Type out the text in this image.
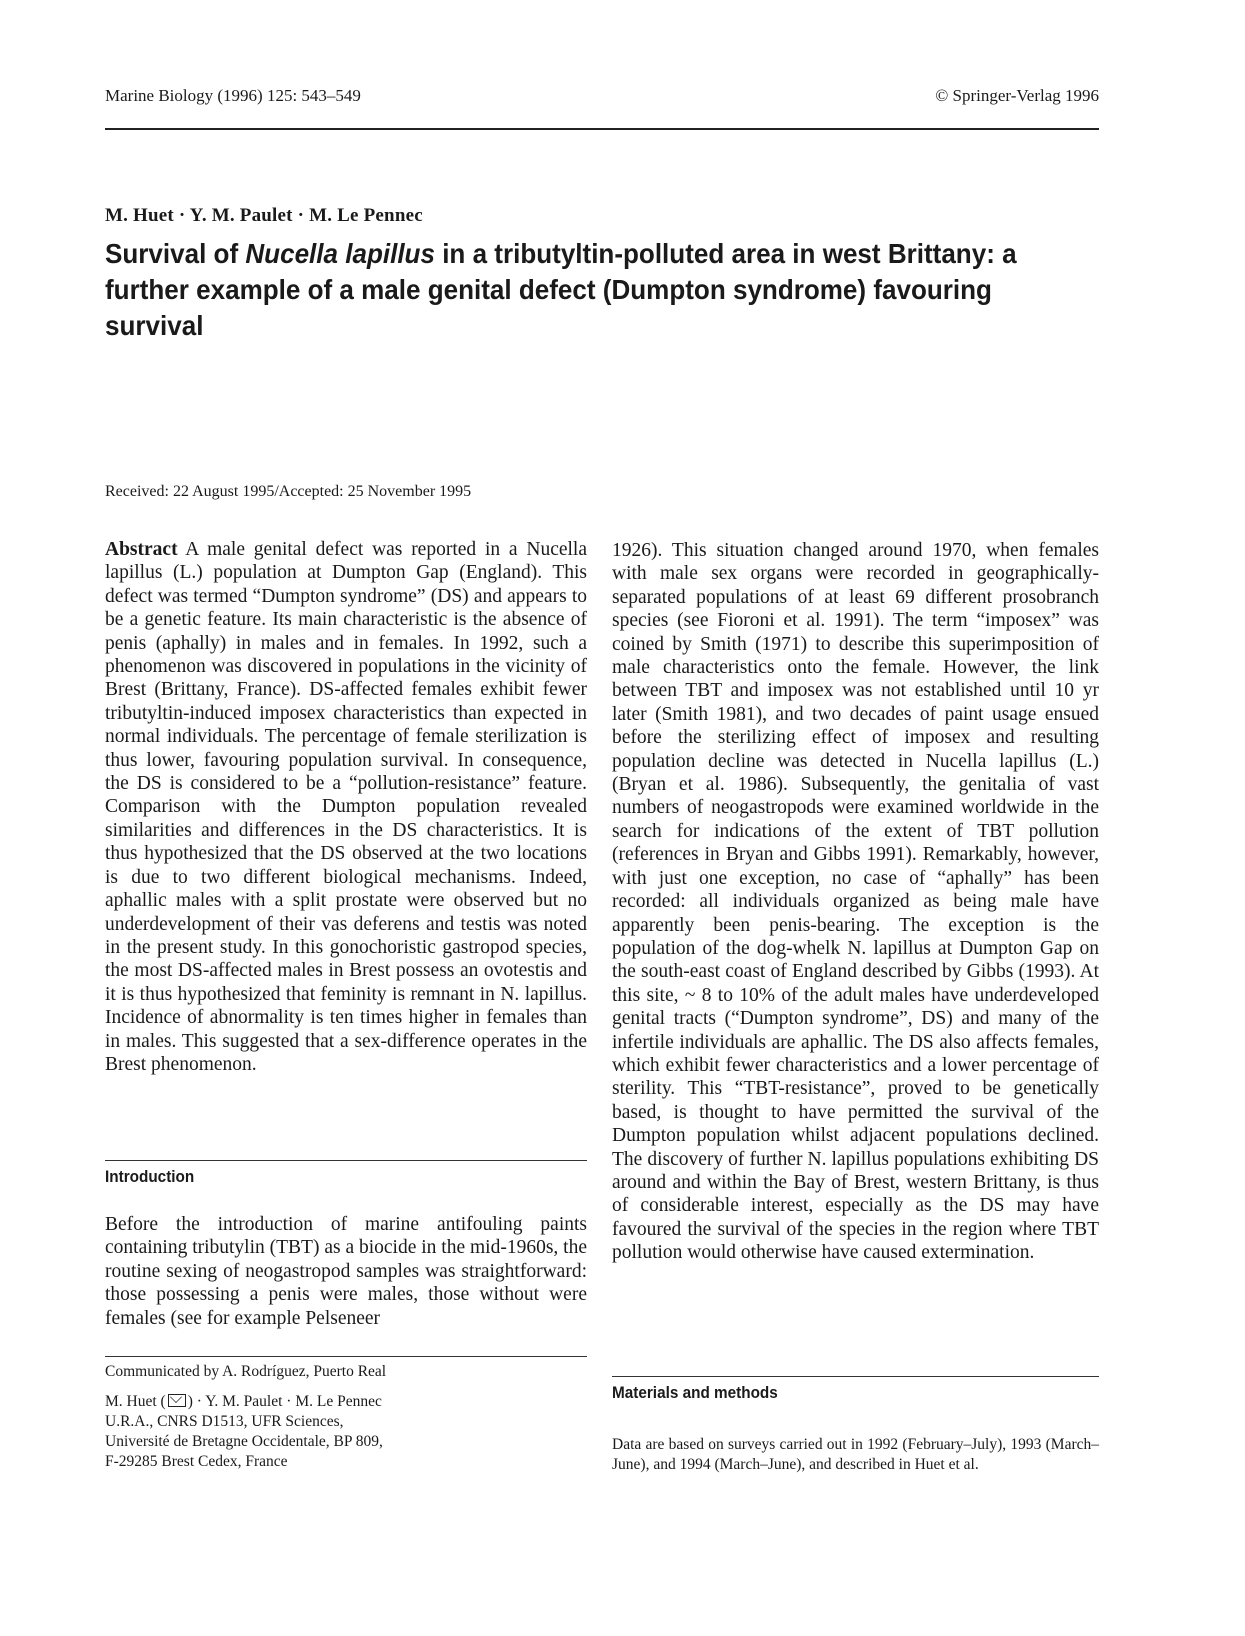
Marine Biology (1996) 125: 543–549	© Springer-Verlag 1996
M. Huet · Y. M. Paulet · M. Le Pennec
Survival of Nucella lapillus in a tributyltin-polluted area in west Brittany: a further example of a male genital defect (Dumpton syndrome) favouring survival
Received: 22 August 1995/Accepted: 25 November 1995

Abstract A male genital defect was reported in a Nucella lapillus (L.) population at Dumpton Gap (England). This defect was termed “Dumpton syndrome” (DS) and appears to be a genetic feature. Its main characteristic is the absence of penis (aphally) in males and in females. In 1992, such a phenomenon was discovered in populations in the vicinity of Brest (Brittany, France). DS-affected females exhibit fewer tributyltin-induced imposex characteristics than expected in normal individuals. The percentage of female sterilization is thus lower, favouring population survival. In consequence, the DS is considered to be a “pollution-resistance” feature. Comparison with the Dumpton population revealed similarities and differences in the DS characteristics. It is thus hypothesized that the DS observed at the two locations is due to two different biological mechanisms. Indeed, aphallic males with a split prostate were observed but no underdevelopment of their vas deferens and testis was noted in the present study. In this gonochoristic gastropod species, the most DS-affected males in Brest possess an ovotestis and it is thus hypothesized that feminity is remnant in N. lapillus. Incidence of abnormality is ten times higher in females than in males. This suggested that a sex-difference operates in the Brest phenomenon.

Introduction

Before the introduction of marine antifouling paints containing tributylin (TBT) as a biocide in the mid-1960s, the routine sexing of neogastropod samples was straightforward: those possessing a penis were males, those without were females (see for example Pelseneer

Communicated by A. Rodríguez, Puerto Real
M. Huet ( ) · Y. M. Paulet · M. Le Pennec
U.R.A., CNRS D1513, UFR Sciences,
Université de Bretagne Occidentale, BP 809,
F-29285 Brest Cedex, France

1926). This situation changed around 1970, when females with male sex organs were recorded in geographically-separated populations of at least 69 different prosobranch species (see Fioroni et al. 1991). The term “imposex” was coined by Smith (1971) to describe this superimposition of male characteristics onto the female. However, the link between TBT and imposex was not established until 10 yr later (Smith 1981), and two decades of paint usage ensued before the sterilizing effect of imposex and resulting population decline was detected in Nucella lapillus (L.) (Bryan et al. 1986). Subsequently, the genitalia of vast numbers of neogastropods were examined worldwide in the search for indications of the extent of TBT pollution (references in Bryan and Gibbs 1991). Remarkably, however, with just one exception, no case of “aphally” has been recorded: all individuals organized as being male have apparently been penis-bearing. The exception is the population of the dog-whelk N. lapillus at Dumpton Gap on the south-east coast of England described by Gibbs (1993). At this site, ~ 8 to 10% of the adult males have underdeveloped genital tracts (“Dumpton syndrome”, DS) and many of the infertile individuals are aphallic. The DS also affects females, which exhibit fewer characteristics and a lower percentage of sterility. This “TBT-resistance”, proved to be genetically based, is thought to have permitted the survival of the Dumpton population whilst adjacent populations declined. The discovery of further N. lapillus populations exhibiting DS around and within the Bay of Brest, western Brittany, is thus of considerable interest, especially as the DS may have favoured the survival of the species in the region where TBT pollution would otherwise have caused extermination.

Materials and methods

Data are based on surveys carried out in 1992 (February–July), 1993 (March–June), and 1994 (March–June), and described in Huet et al.
